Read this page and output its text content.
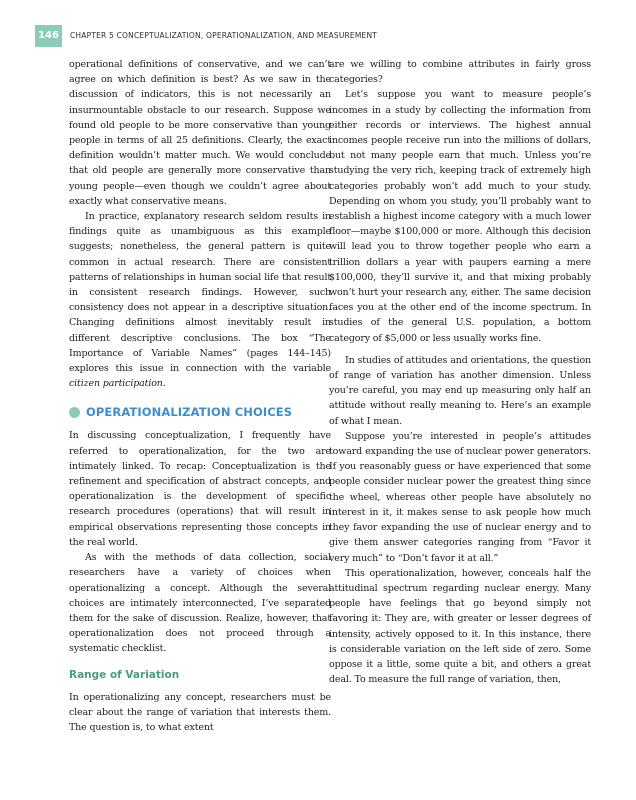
146	CHAPTER 5 CONCEPTUALIZATION, OPERATIONALIZATION, AND MEASUREMENT

operational definitions of conservative, and we can’t agree on which definition is best? As we saw in the discussion of indicators, this is not necessarily an insurmountable obstacle to our research. Suppose we found old people to be more conservative than young people in terms of all 25 definitions. Clearly, the exact definition wouldn’t matter much. We would conclude that old people are generally more conservative than young people—even though we couldn’t agree about exactly what conservative means.

In practice, explanatory research seldom results in findings quite as unambiguous as this example suggests; nonetheless, the general pattern is quite common in actual research. There are consistent patterns of relationships in human social life that result in consistent research findings. However, such consistency does not appear in a descriptive situation. Changing definitions almost inevitably result in different descriptive conclusions. The box “The Importance of Variable Names” (pages 144–145) explores this issue in connection with the variable citizen participation.

OPERATIONALIZATION CHOICES

In discussing conceptualization, I frequently have referred to operationalization, for the two are intimately linked. To recap: Conceptualization is the refinement and specification of abstract concepts, and operationalization is the development of specific research procedures (operations) that will result in empirical observations representing those concepts in the real world.

As with the methods of data collection, social researchers have a variety of choices when operationalizing a concept. Although the several choices are intimately interconnected, I’ve separated them for the sake of discussion. Realize, however, that operationalization does not proceed through a systematic checklist.

Range of Variation

In operationalizing any concept, researchers must be clear about the range of variation that interests them. The question is, to what extent

are we willing to combine attributes in fairly gross categories?

Let’s suppose you want to measure people’s incomes in a study by collecting the information from either records or interviews. The highest annual incomes people receive run into the millions of dollars, but not many people earn that much. Unless you’re studying the very rich, keeping track of extremely high categories probably won’t add much to your study. Depending on whom you study, you’ll probably want to establish a highest income category with a much lower floor—maybe $100,000 or more. Although this decision will lead you to throw together people who earn a trillion dollars a year with paupers earning a mere $100,000, they’ll survive it, and that mixing probably won’t hurt your research any, either. The same decision faces you at the other end of the income spectrum. In studies of the general U.S. population, a bottom category of $5,000 or less usually works fine.

In studies of attitudes and orientations, the question of range of variation has another dimension. Unless you’re careful, you may end up measuring only half an attitude without really meaning to. Here’s an example of what I mean.

Suppose you’re interested in people’s attitudes toward expanding the use of nuclear power generators. If you reasonably guess or have experienced that some people consider nuclear power the greatest thing since the wheel, whereas other people have absolutely no interest in it, it makes sense to ask people how much they favor expanding the use of nuclear energy and to give them answer categories ranging from “Favor it very much” to “Don’t favor it at all.”

This operationalization, however, conceals half the attitudinal spectrum regarding nuclear energy. Many people have feelings that go beyond simply not favoring it: They are, with greater or lesser degrees of intensity, actively opposed to it. In this instance, there is considerable variation on the left side of zero. Some oppose it a little, some quite a bit, and others a great deal. To measure the full range of variation, then,
